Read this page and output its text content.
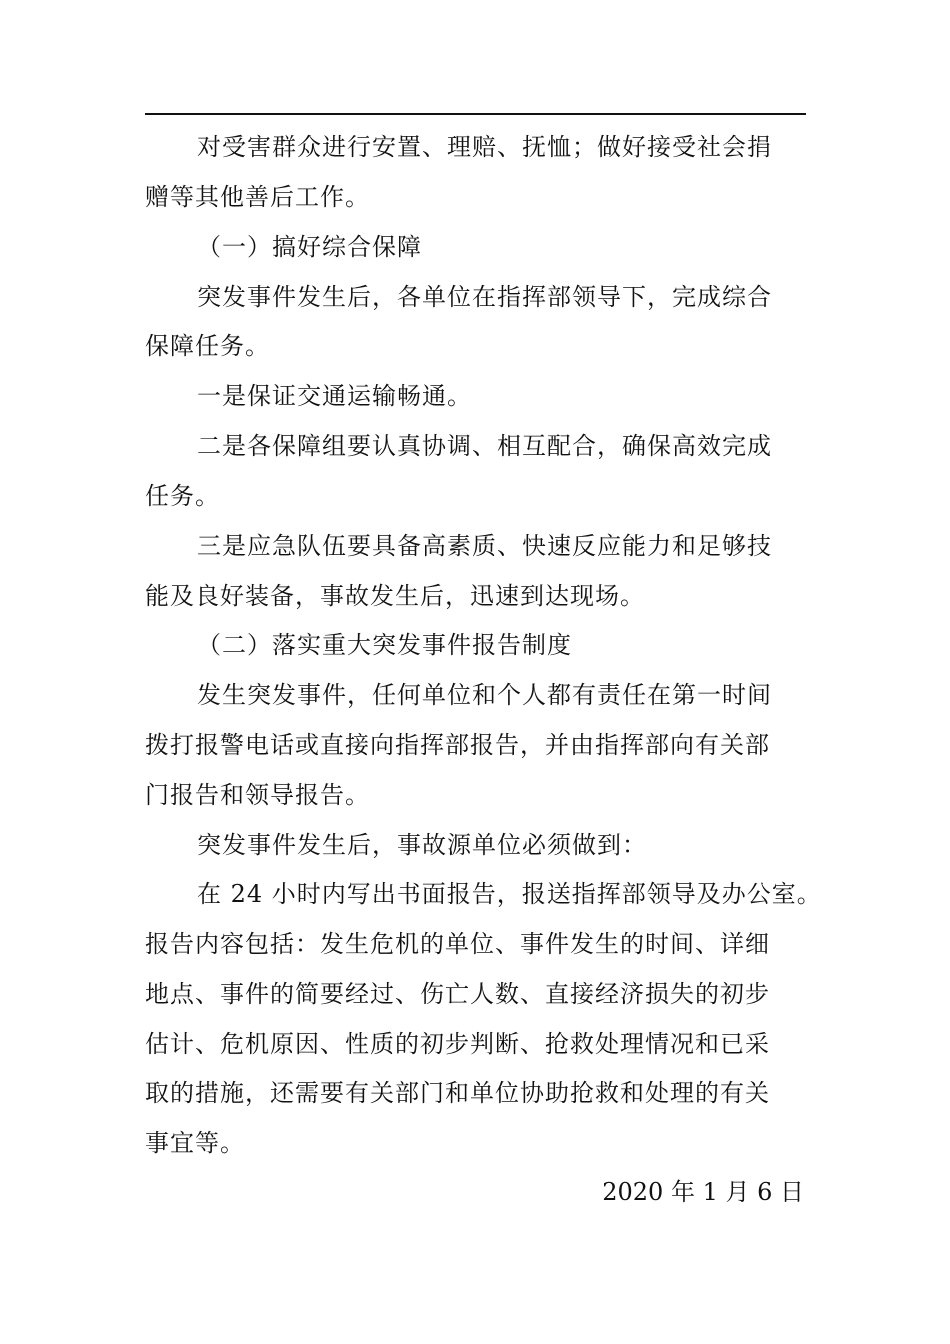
对受害群众进行安置、理赔、抚恤；做好接受社会捐
赠等其他善后工作。
（一）搞好综合保障
突发事件发生后，各单位在指挥部领导下，完成综合
保障任务。
一是保证交通运输畅通。
二是各保障组要认真协调、相互配合，确保高效完成
任务。
三是应急队伍要具备高素质、快速反应能力和足够技
能及良好装备，事故发生后，迅速到达现场。
（二）落实重大突发事件报告制度
发生突发事件，任何单位和个人都有责任在第一时间
拨打报警电话或直接向指挥部报告，并由指挥部向有关部
门报告和领导报告。
突发事件发生后，事故源单位必须做到：
在 24 小时内写出书面报告，报送指挥部领导及办公室。
报告内容包括：发生危机的单位、事件发生的时间、详细
地点、事件的简要经过、伤亡人数、直接经济损失的初步
估计、危机原因、性质的初步判断、抢救处理情况和已采
取的措施，还需要有关部门和单位协助抢救和处理的有关
事宜等。
2020 年 1 月 6 日
